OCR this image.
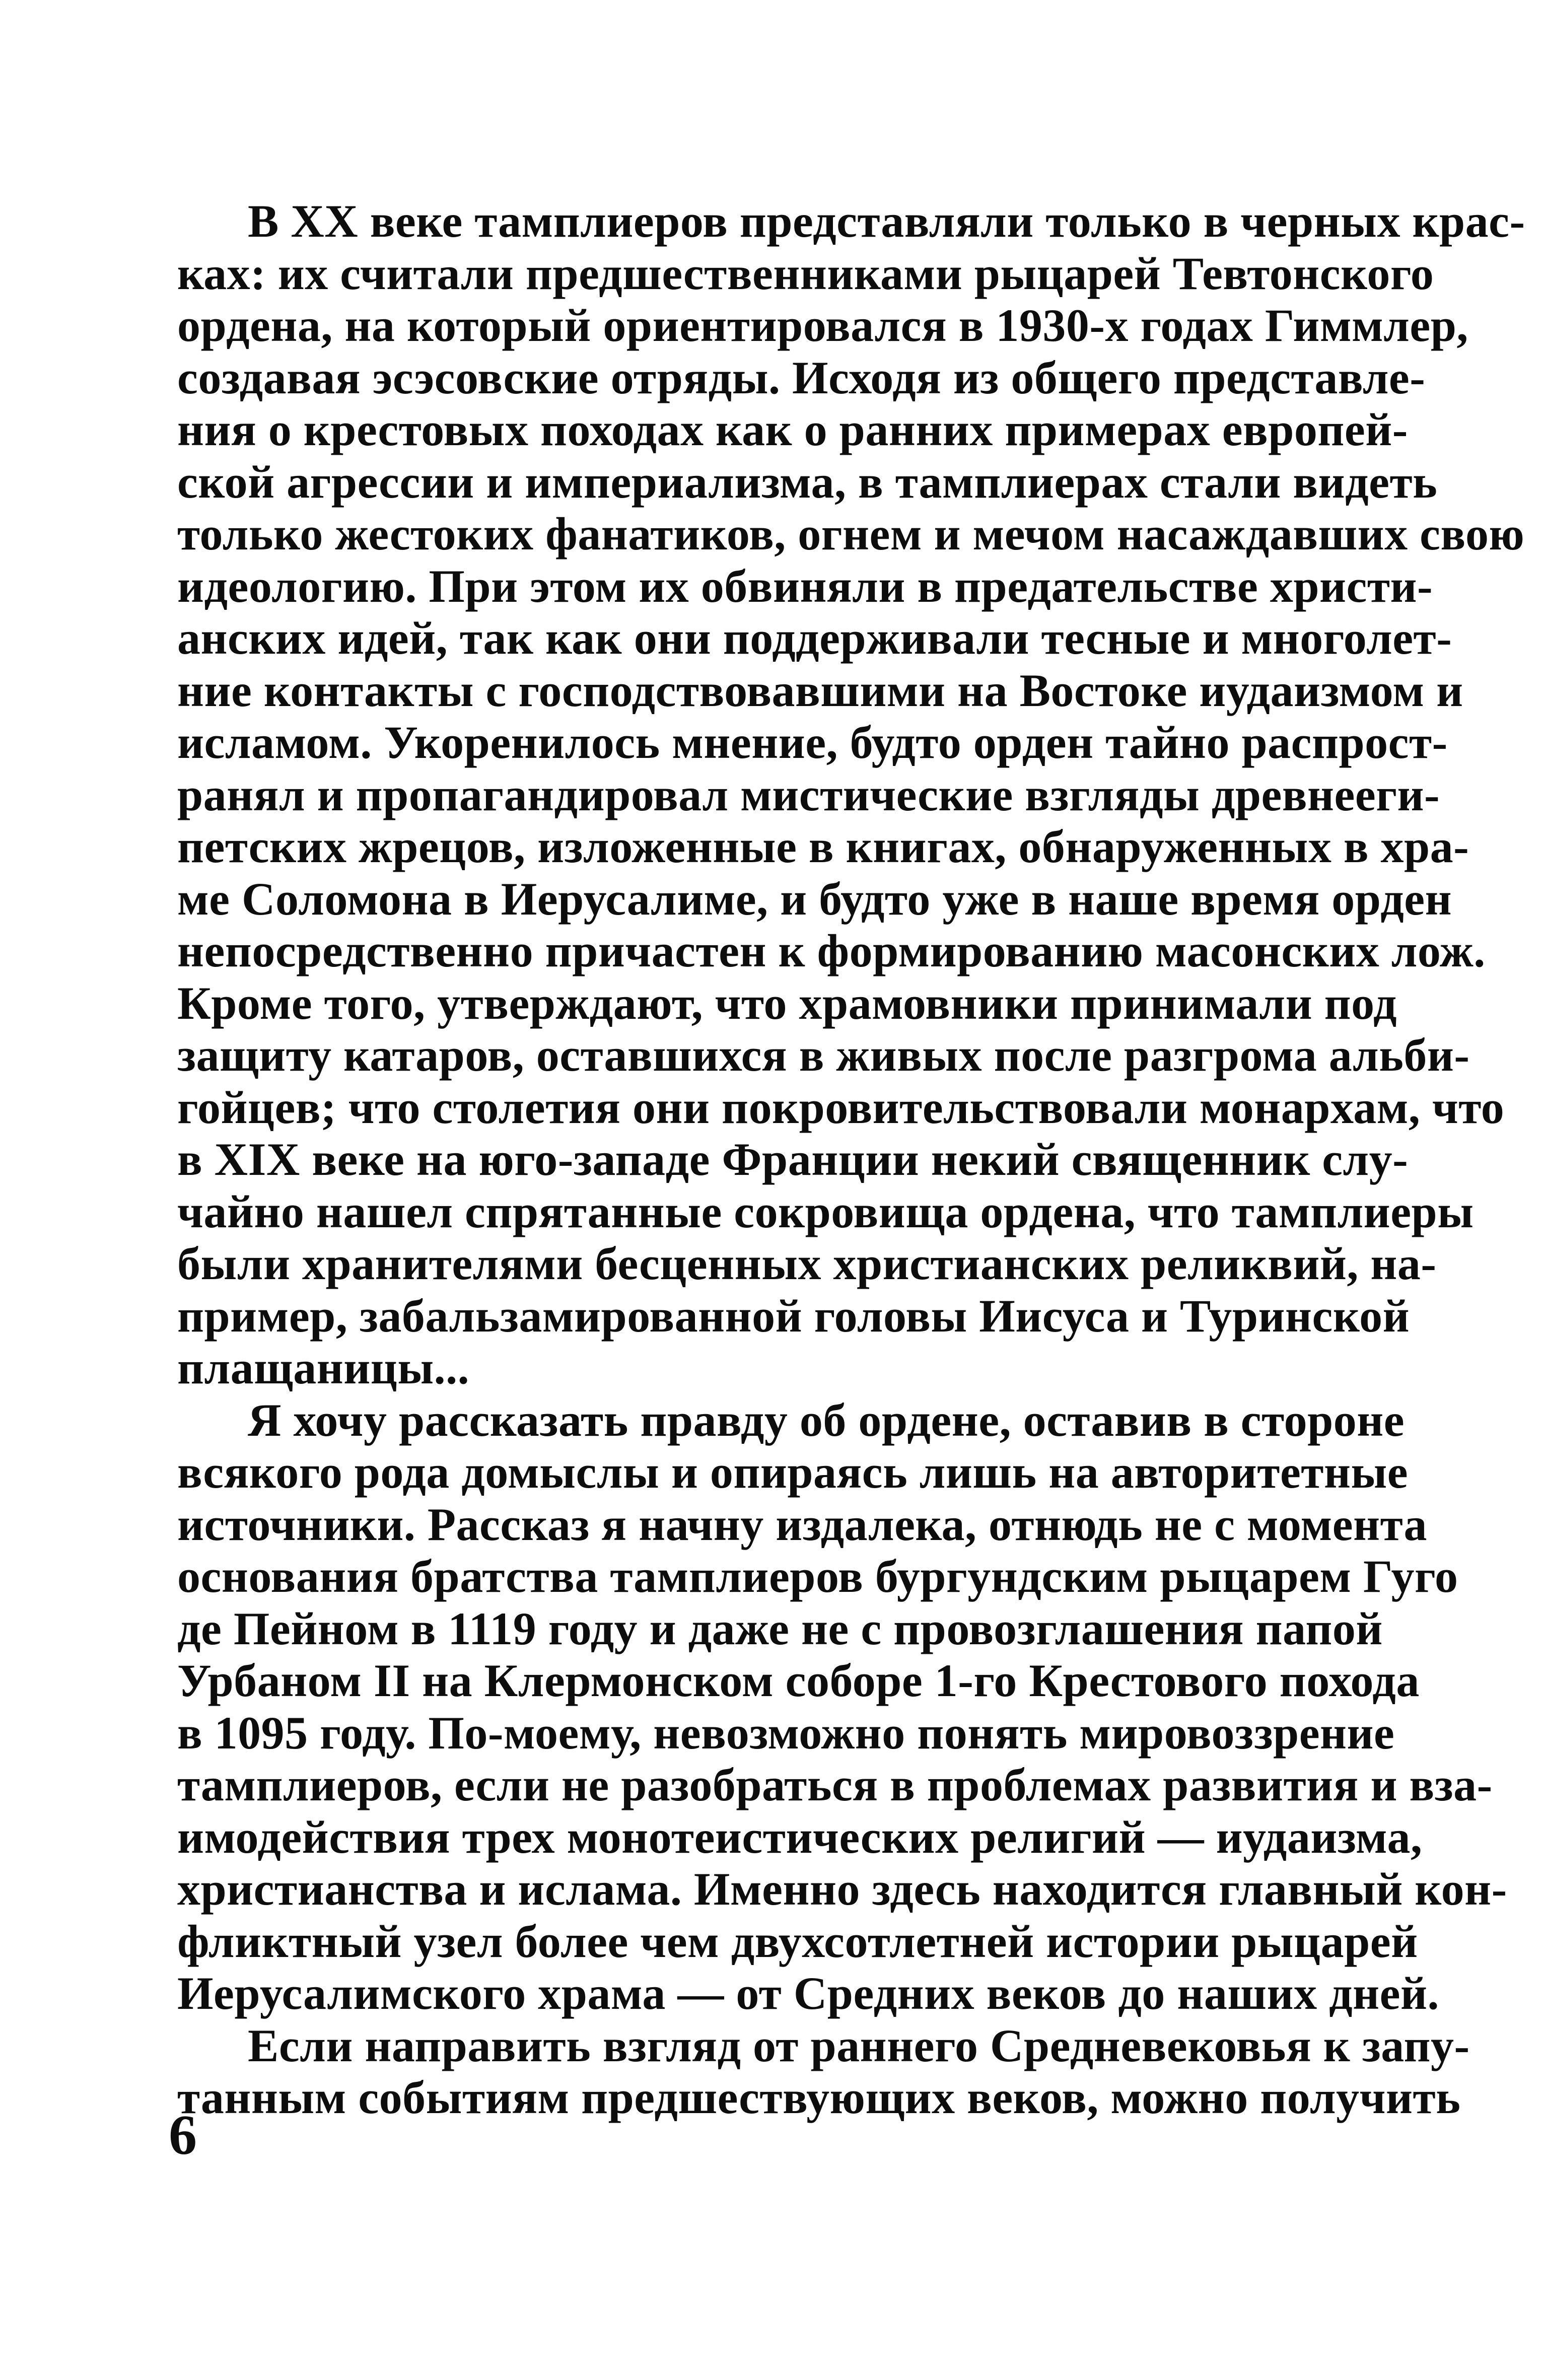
В XX веке тамплиеров представляли только в черных крас-
ках: их считали предшественниками рыцарей Тевтонского
ордена, на который ориентировался в 1930-х годах Гиммлер,
создавая эсэсовские отряды. Исходя из общего представле-
ния о крестовых походах как о ранних примерах европей-
ской агрессии и империализма, в тамплиерах стали видеть
только жестоких фанатиков, огнем и мечом насаждавших свою
идеологию. При этом их обвиняли в предательстве христи-
анских идей, так как они поддерживали тесные и многолет-
ние контакты с господствовавшими на Востоке иудаизмом и
исламом. Укоренилось мнение, будто орден тайно распрост-
ранял и пропагандировал мистические взгляды древнееги-
петских жрецов, изложенные в книгах, обнаруженных в хра-
ме Соломона в Иерусалиме, и будто уже в наше время орден
непосредственно причастен к формированию масонских лож.
Кроме того, утверждают, что храмовники принимали под
защиту катаров, оставшихся в живых после разгрома альби-
гойцев; что столетия они покровительствовали монархам, что
в XIX веке на юго-западе Франции некий священник слу-
чайно нашел спрятанные сокровища ордена, что тамплиеры
были хранителями бесценных христианских реликвий, на-
пример, забальзамированной головы Иисуса и Туринской
плащаницы...
Я хочу рассказать правду об ордене, оставив в стороне
всякого рода домыслы и опираясь лишь на авторитетные
источники. Рассказ я начну издалека, отнюдь не с момента
основания братства тамплиеров бургундским рыцарем Гуго
де Пейном в 1119 году и даже не с провозглашения папой
Урбаном II на Клермонском соборе 1-го Крестового похода
в 1095 году. По-моему, невозможно понять мировоззрение
тамплиеров, если не разобраться в проблемах развития и вза-
имодействия трех монотеистических религий — иудаизма,
христианства и ислама. Именно здесь находится главный кон-
фликтный узел более чем двухсотлетней истории рыцарей
Иерусалимского храма — от Средних веков до наших дней.
Если направить взгляд от раннего Средневековья к запу-
танным событиям предшествующих веков, можно получить
6
